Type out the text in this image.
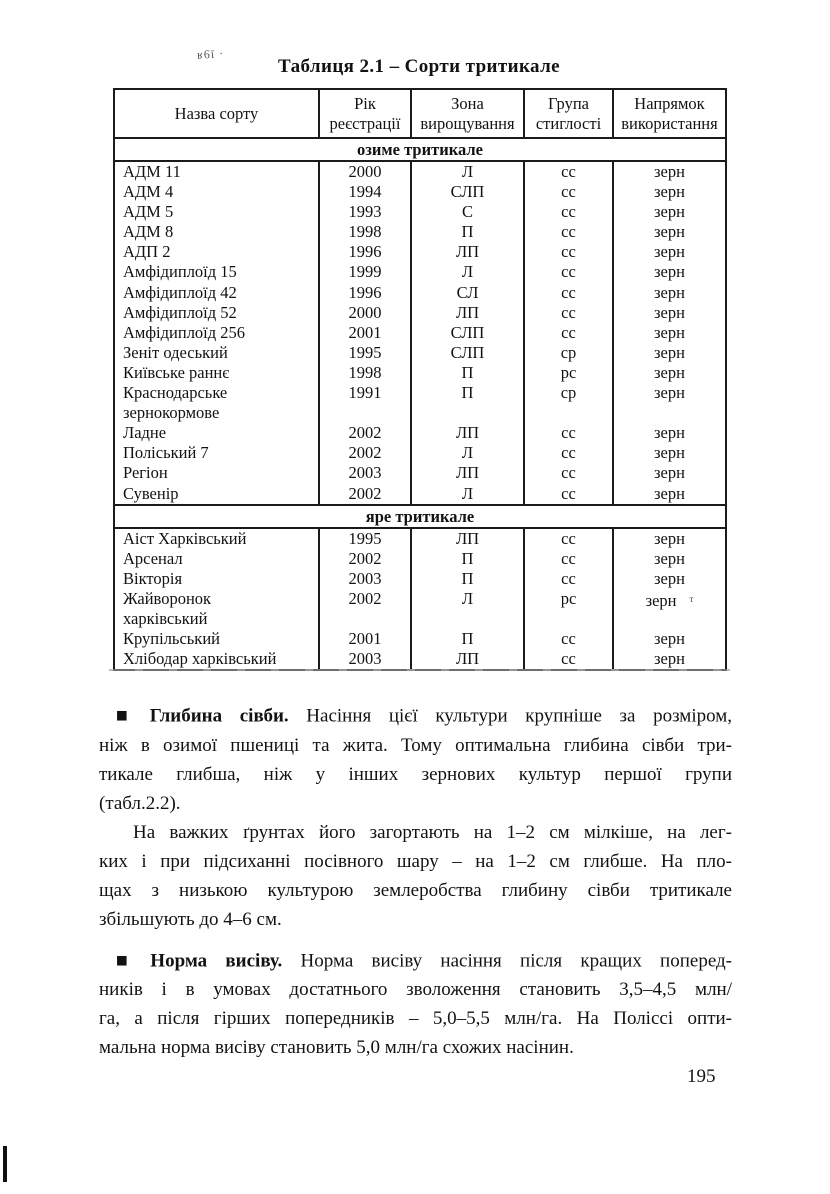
ʁ6ī ·
Таблиця 2.1 – Сорти тритикале
Назва сорту	Рік реєстрації	Зона вирощування	Група стиглості	Напрямок використання
озиме тритикале				
АДМ 11	2000	Л	сс	зерн
АДМ 4	1994	СЛП	сс	зерн
АДМ 5	1993	С	сс	зерн
АДМ 8	1998	П	сс	зерн
АДП 2	1996	ЛП	сс	зерн
Амфідиплоїд 15	1999	Л	сс	зерн
Амфідиплоїд 42	1996	СЛ	сс	зерн
Амфідиплоїд 52	2000	ЛП	сс	зерн
Амфідиплоїд 256	2001	СЛП	сс	зерн
Зеніт одеський	1995	СЛП	ср	зерн
Київське раннє	1998	П	рс	зерн
Краснодарське
зернокормове	1991	П	ср	зерн
Ладне	2002	ЛП	сс	зерн
Поліський 7	2002	Л	сс	зерн
Регіон	2003	ЛП	сс	зерн
Сувенір	2002	Л	сс	зерн
яре тритикале				
Аіст Харківський	1995	ЛП	сс	зерн
Арсенал	2002	П	сс	зерн
Вікторія	2003	П	сс	зерн
Жайворонок
харківський	2002	Л	рс	зерн $^т$
Крупільський	2001	П	сс	зерн
Хлібодар харківський	2003	ЛП	сс	зерн
■ Глибина сівби. Насіння цієї культури крупніше за розміром,
ніж в озимої пшениці та жита. Тому оптимальна глибина сівби три-
тикале глибша, ніж у інших зернових культур першої групи
(табл.2.2).
На важких ґрунтах його загортають на 1–2 см мілкіше, на лег-
ких і при підсиханні посівного шару – на 1–2 см глибше. На пло-
щах з низькою культурою землеробства глибину сівби тритикале
збільшують до 4–6 см.
■ Норма висіву. Норма висіву насіння після кращих поперед-
ників і в умовах достатнього зволоження становить 3,5–4,5 млн/
га, а після гірших попередників – 5,0–5,5 млн/га. На Поліссі опти-
мальна норма висіву становить 5,0 млн/га схожих насінин.
195
